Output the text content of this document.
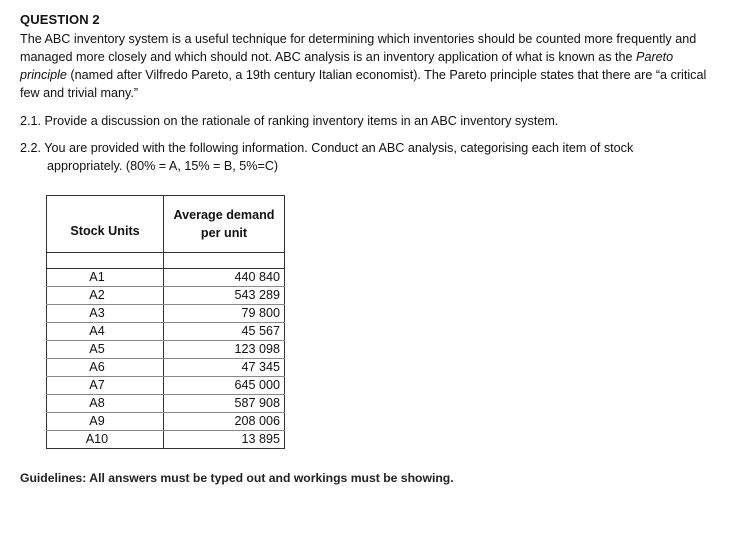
QUESTION 2

The ABC inventory system is a useful technique for determining which inventories should be counted more frequently and managed more closely and which should not. ABC analysis is an inventory application of what is known as the Pareto principle (named after Vilfredo Pareto, a 19th century Italian economist). The Pareto principle states that there are “a critical few and trivial many.”

2.1. Provide a discussion on the rationale of ranking inventory items in an ABC inventory system.

2.2. You are provided with the following information. Conduct an ABC analysis, categorising each item of stock
appropriately. (80% = A, 15% = B, 5%=C)

Stock Units	Average demand
per unit

A1	440 840
A2	543 289
A3	79 800
A4	45 567
A5	123 098
A6	47 345
A7	645 000
A8	587 908
A9	208 006
A10	13 895
Guidelines: All answers must be typed out and workings must be showing.
